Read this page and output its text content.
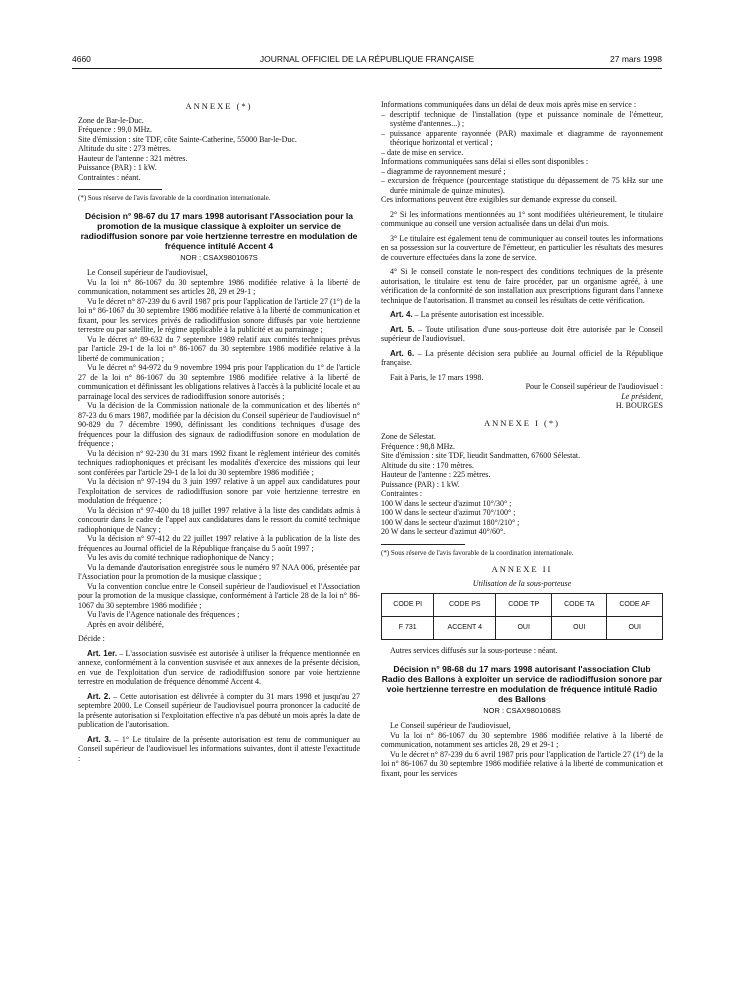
4660	JOURNAL OFFICIEL DE LA RÉPUBLIQUE FRANÇAISE	27 mars 1998
ANNEXE (*)

Zone de Bar-le-Duc.

Fréquence : 99,0 MHz.

Site d'émission : site TDF, côte Sainte-Catherine, 55000 Bar-le-Duc.

Altitude du site : 273 mètres.

Hauteur de l'antenne : 321 mètres.

Puissance (PAR) : 1 kW.

Contraintes : néant.

(*) Sous réserve de l'avis favorable de la coordination internationale.
Décision n° 98-67 du 17 mars 1998 autorisant l'Association pour la promotion de la musique classique à exploiter un service de radiodiffusion sonore par voie hertzienne terrestre en modulation de fréquence intitulé Accent 4
NOR : CSAX9801067S

Le Conseil supérieur de l'audiovisuel,

Vu la loi n° 86-1067 du 30 septembre 1986 modifiée relative à la liberté de communication, notamment ses articles 28, 29 et 29-1 ;

Vu le décret n° 87-239 du 6 avril 1987 pris pour l'application de l'article 27 (1°) de la loi n° 86-1067 du 30 septembre 1986 modifiée relative à la liberté de communication et fixant, pour les services privés de radiodiffusion sonore diffusés par voie hertzienne terrestre ou par satellite, le régime applicable à la publicité et au parrainage ;

Vu le décret n° 89-632 du 7 septembre 1989 relatif aux comités techniques prévus par l'article 29-1 de la loi n° 86-1067 du 30 septembre 1986 modifiée relative à la liberté de communication ;

Vu le décret n° 94-972 du 9 novembre 1994 pris pour l'application du 1° de l'article 27 de la loi n° 86-1067 du 30 septembre 1986 modifiée relative à la liberté de communication et définissant les obligations relatives à l'accès à la publicité locale et au parrainage local des services de radiodiffusion sonore autorisés ;

Vu la décision de la Commission nationale de la communication et des libertés n° 87-23 du 6 mars 1987, modifiée par la décision du Conseil supérieur de l'audiovisuel n° 90-829 du 7 décembre 1990, définissant les conditions techniques d'usage des fréquences pour la diffusion des signaux de radiodiffusion sonore en modulation de fréquence ;

Vu la décision n° 92-230 du 31 mars 1992 fixant le règlement intérieur des comités techniques radiophoniques et précisant les modalités d'exercice des missions qui leur sont conférées par l'article 29-1 de la loi du 30 septembre 1986 modifiée ;

Vu la décision n° 97-194 du 3 juin 1997 relative à un appel aux candidatures pour l'exploitation de services de radiodiffusion sonore par voie hertzienne terrestre en modulation de fréquence ;

Vu la décision n° 97-400 du 18 juillet 1997 relative à la liste des candidats admis à concourir dans le cadre de l'appel aux candidatures dans le ressort du comité technique radiophonique de Nancy ;

Vu la décision n° 97-412 du 22 juillet 1997 relative à la publication de la liste des fréquences au Journal officiel de la République française du 5 août 1997 ;

Vu les avis du comité technique radiophonique de Nancy ;

Vu la demande d'autorisation enregistrée sous le numéro 97 NAA 006, présentée par l'Association pour la promotion de la musique classique ;

Vu la convention conclue entre le Conseil supérieur de l'audiovisuel et l'Association pour la promotion de la musique classique, conformément à l'article 28 de la loi n° 86-1067 du 30 septembre 1986 modifiée ;

Vu l'avis de l'Agence nationale des fréquences ;

Après en avoir délibéré,

Décide :

Art. 1er. – L'association susvisée est autorisée à utiliser la fréquence mentionnée en annexe, conformément à la convention susvisée et aux annexes de la présente décision, en vue de l'exploitation d'un service de radiodiffusion sonore par voie hertzienne terrestre en modulation de fréquence dénommé Accent 4.

Art. 2. – Cette autorisation est délivrée à compter du 31 mars 1998 et jusqu'au 27 septembre 2000. Le Conseil supérieur de l'audiovisuel pourra prononcer la caducité de la présente autorisation si l'exploitation effective n'a pas débuté un mois après la date de publication de l'autorisation.

Art. 3. – 1° Le titulaire de la présente autorisation est tenu de communiquer au Conseil supérieur de l'audiovisuel les informations suivantes, dont il atteste l'exactitude :

Informations communiquées dans un délai de deux mois après mise en service :

– descriptif technique de l'installation (type et puissance nominale de l'émetteur, système d'antennes...) ;

– puissance apparente rayonnée (PAR) maximale et diagramme de rayonnement théorique horizontal et vertical ;

– date de mise en service.

Informations communiquées sans délai si elles sont disponibles :

– diagramme de rayonnement mesuré ;

– excursion de fréquence (pourcentage statistique du dépassement de 75 kHz sur une durée minimale de quinze minutes).

Ces informations peuvent être exigibles sur demande expresse du conseil.

2° Si les informations mentionnées au 1° sont modifiées ultérieurement, le titulaire communique au conseil une version actualisée dans un délai d'un mois.

3° Le titulaire est également tenu de communiquer au conseil toutes les informations en sa possession sur la couverture de l'émetteur, en particulier les résultats des mesures de couverture effectuées dans la zone de service.

4° Si le conseil constate le non-respect des conditions techniques de la présente autorisation, le titulaire est tenu de faire procéder, par un organisme agréé, à une vérification de la conformité de son installation aux prescriptions figurant dans l'annexe technique de l'autorisation. Il transmet au conseil les résultats de cette vérification.

Art. 4. – La présente autorisation est incessible.

Art. 5. – Toute utilisation d'une sous-porteuse doit être autorisée par le Conseil supérieur de l'audiovisuel.

Art. 6. – La présente décision sera publiée au Journal officiel de la République française.

Fait à Paris, le 17 mars 1998.

Pour le Conseil supérieur de l'audiovisuel :
Le président,
H. BOURGES
ANNEXE I (*)

Zone de Sélestat.

Fréquence : 98,8 MHz.

Site d'émission : site TDF, lieudit Sandmatten, 67600 Sélestat.

Altitude du site : 170 mètres.

Hauteur de l'antenne : 225 mètres.

Puissance (PAR) : 1 kW.

Contraintes :

100 W dans le secteur d'azimut 10°/30° ;

100 W dans le secteur d'azimut 70°/100° ;

100 W dans le secteur d'azimut 180°/210° ;

20 W dans le secteur d'azimut 40°/60°.

(*) Sous réserve de l'avis favorable de la coordination internationale.
ANNEXE II
Utilisation de la sous-porteuse
CODE PI	CODE PS	CODE TP	CODE TA	CODE AF
F 731	ACCENT 4	OUI	OUI	OUI

Autres services diffusés sur la sous-porteuse : néant.

Décision n° 98-68 du 17 mars 1998 autorisant l'association Club Radio des Ballons à exploiter un service de radiodiffusion sonore par voie hertzienne terrestre en modulation de fréquence intitulé Radio des Ballons
NOR : CSAX9801068S

Le Conseil supérieur de l'audiovisuel,

Vu la loi n° 86-1067 du 30 septembre 1986 modifiée relative à la liberté de communication, notamment ses articles 28, 29 et 29-1 ;

Vu le décret n° 87-239 du 6 avril 1987 pris pour l'application de l'article 27 (1°) de la loi n° 86-1067 du 30 septembre 1986 modifiée relative à la liberté de communication et fixant, pour les services
